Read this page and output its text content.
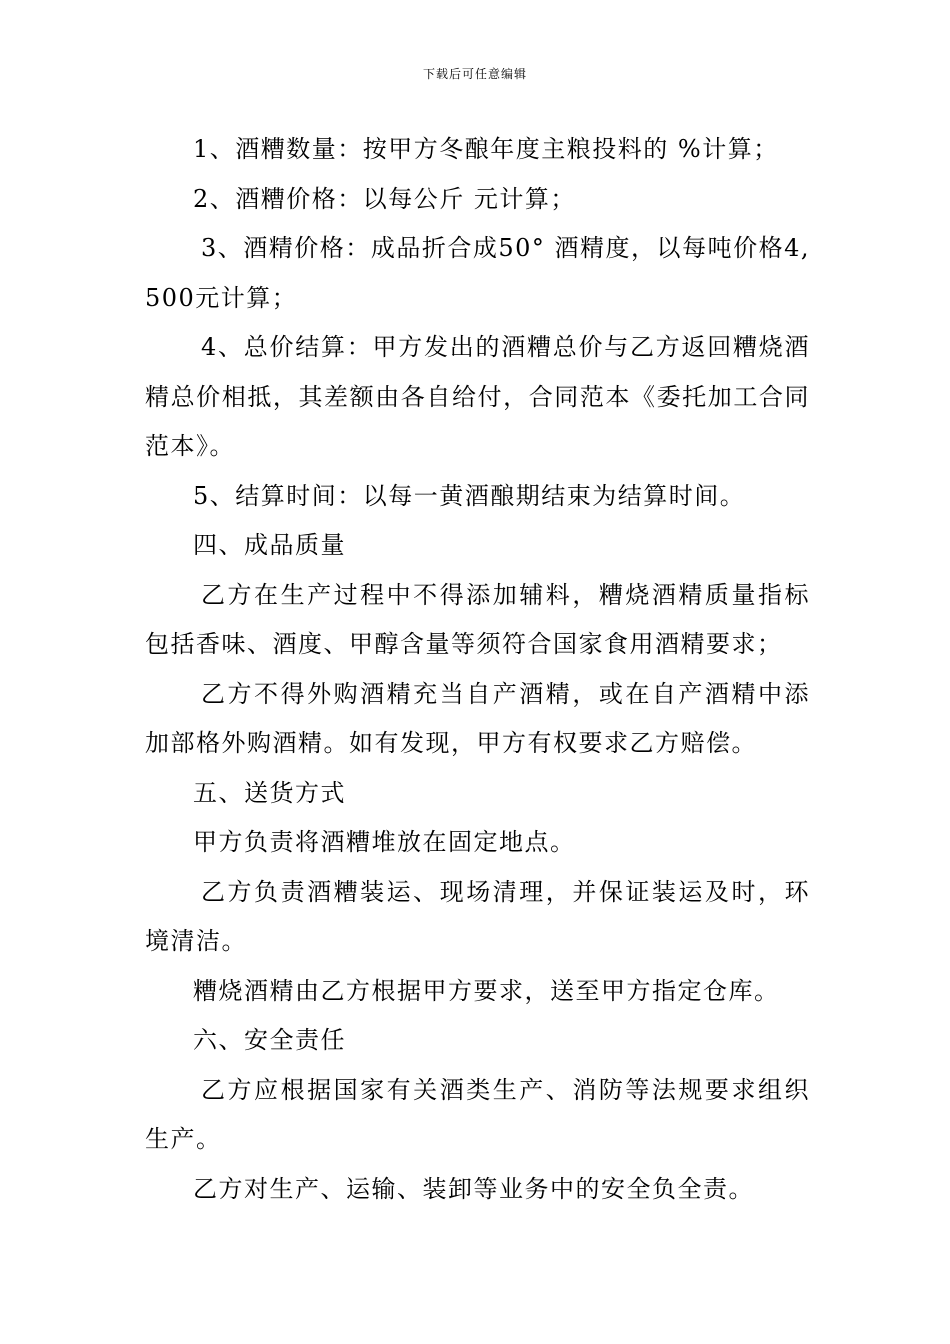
下载后可任意编辑

1、酒糟数量：按甲方冬酿年度主粮投料的 %计算；

2、酒糟价格：以每公斤 元计算；

3、酒精价格：成品折合成50° 酒精度，以每吨价格4,500元计算；

4、总价结算：甲方发出的酒糟总价与乙方返回糟烧酒精总价相抵，其差额由各自给付，合同范本《委托加工合同范本》。

5、结算时间：以每一黄酒酿期结束为结算时间。

四、成品质量

乙方在生产过程中不得添加辅料，糟烧酒精质量指标包括香味、酒度、甲醇含量等须符合国家食用酒精要求；

乙方不得外购酒精充当自产酒精，或在自产酒精中添加部格外购酒精。如有发现，甲方有权要求乙方赔偿。

五、送货方式

甲方负责将酒糟堆放在固定地点。

乙方负责酒糟装运、现场清理，并保证装运及时，环境清洁。

糟烧酒精由乙方根据甲方要求，送至甲方指定仓库。

六、安全责任

乙方应根据国家有关酒类生产、消防等法规要求组织生产。

乙方对生产、运输、装卸等业务中的安全负全责。
